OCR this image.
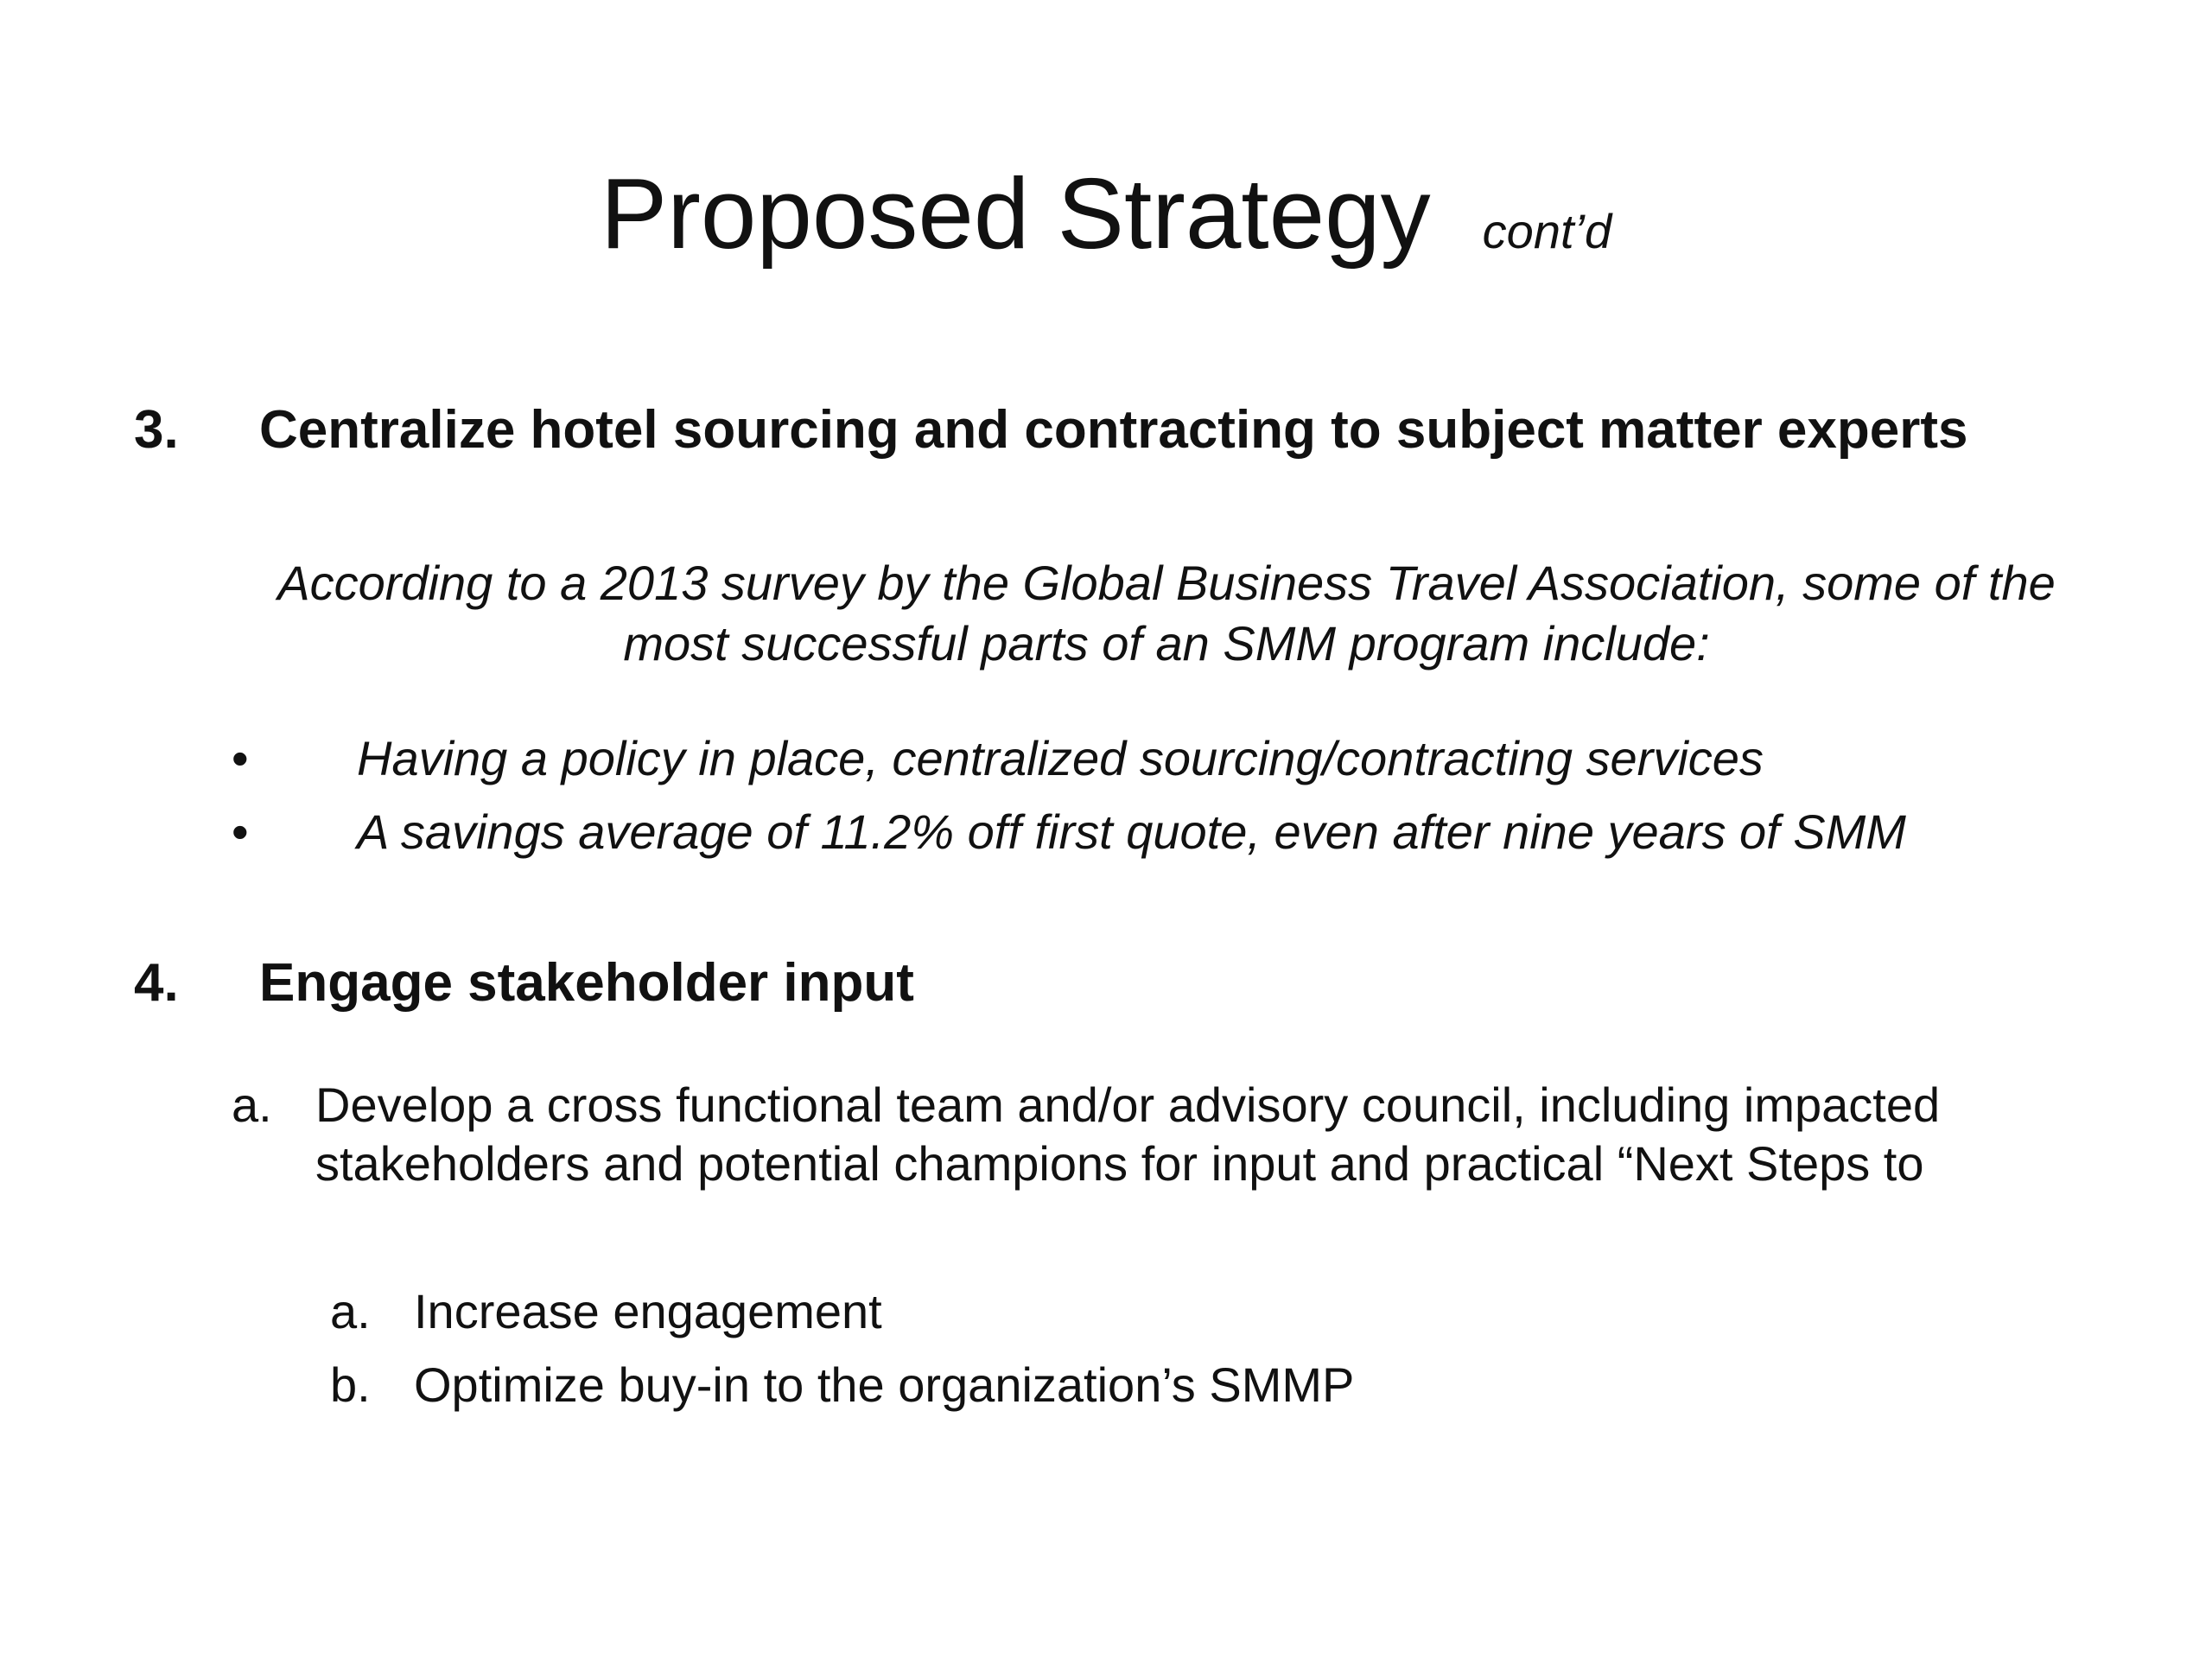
Proposed Strategy cont’d
3. Centralize hotel sourcing and contracting to subject matter experts
According to a 2013 survey by the Global Business Travel Association, some of the
most successful parts of an SMM program include:
• Having a policy in place, centralized sourcing/contracting services
• A savings average of 11.2% off first quote, even after nine years of SMM
4. Engage stakeholder input
a. Develop a cross functional team and/or advisory council, including impacted
stakeholders and potential champions for input and practical “Next Steps to
a. Increase engagement
b. Optimize buy-in to the organization’s SMMP
